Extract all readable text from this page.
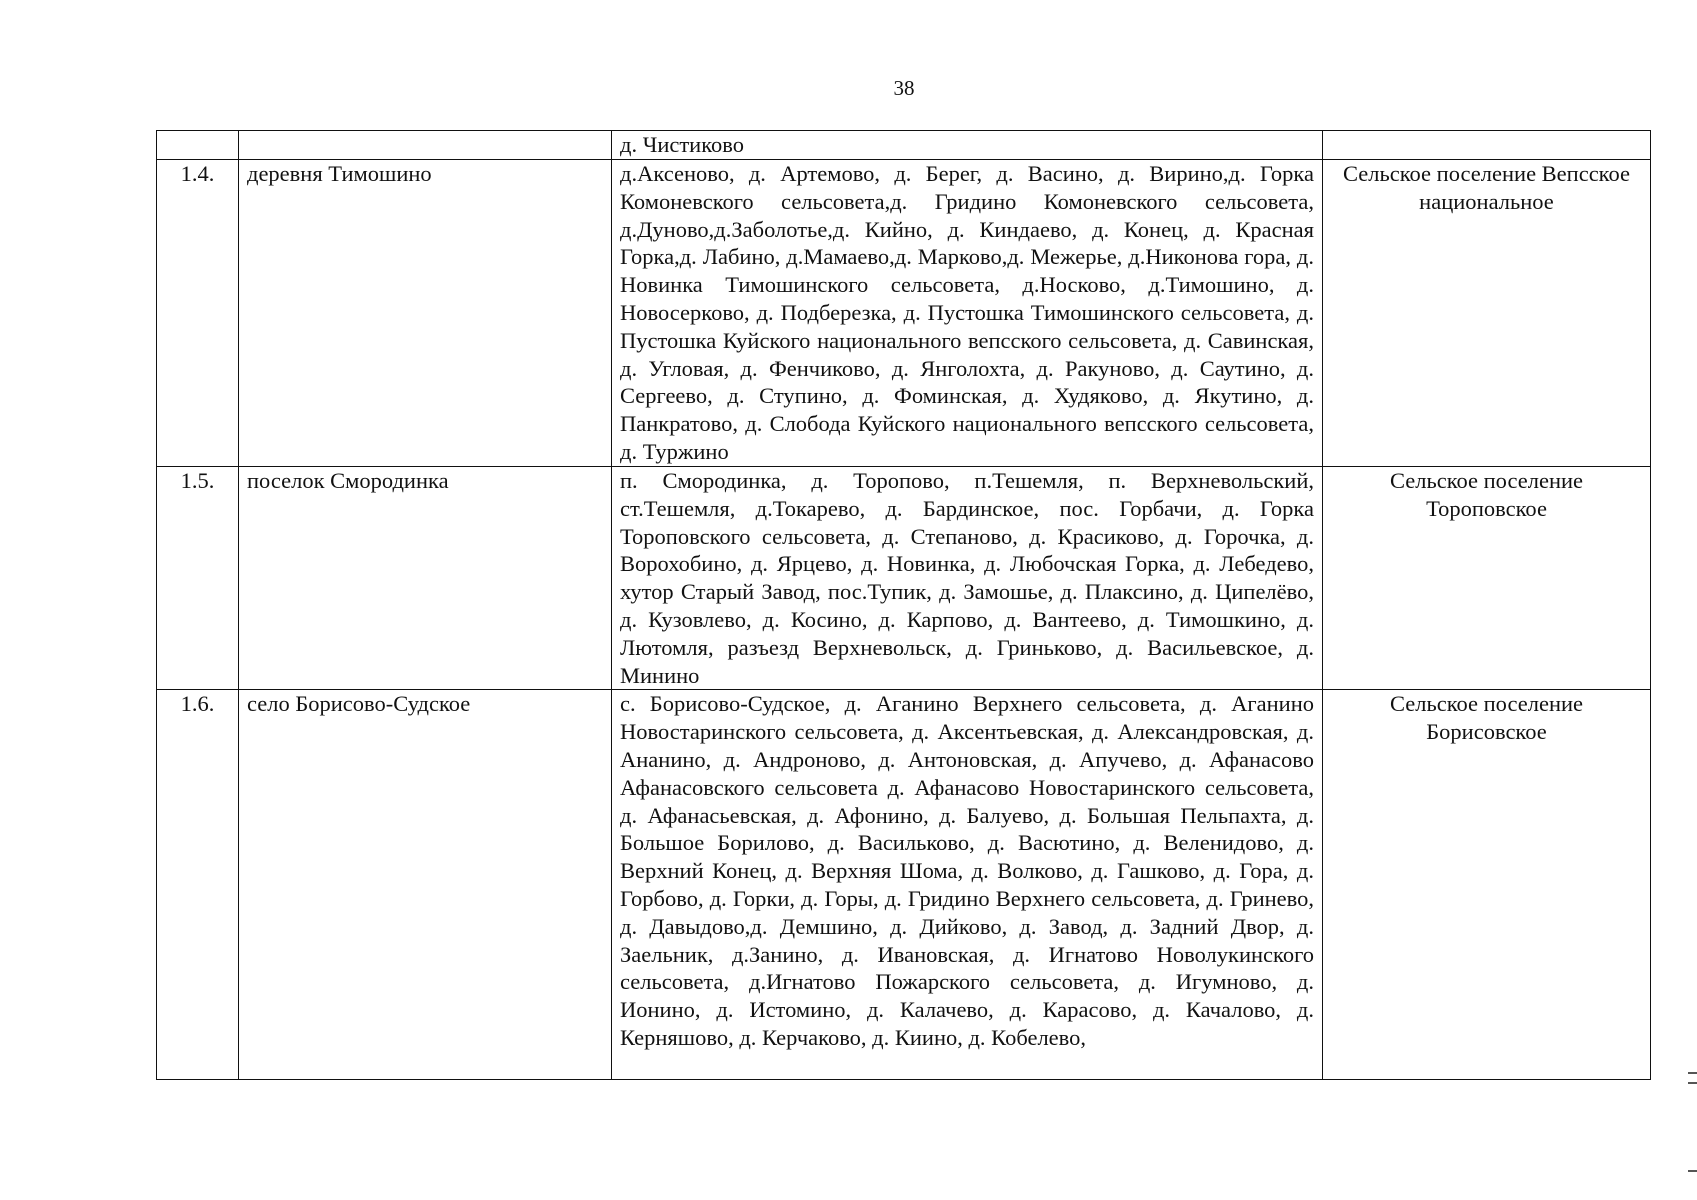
38
		д. Чистиково	
1.4.	деревня Тимошино	д.Аксеново, д. Артемово, д. Берег, д. Васино, д. Вирино,д. Горка Комоневского сельсовета,д. Гридино Комоневского сельсовета, д.Дуново,д.Заболотье,д. Кийно, д. Киндаево, д. Конец, д. Красная Горка,д. Лабино, д.Мамаево,д. Марково,д. Межерье, д.Никонова гора, д. Новинка Тимошинского сельсовета, д.Носково, д.Тимошино, д. Новосерково, д. Подберезка, д. Пустошка Тимошинского сельсовета, д. Пустошка Куйского национального вепсского сельсовета, д. Савинская, д. Угловая, д. Фенчиково, д. Янголохта, д. Ракуново, д. Саутино, д. Сергеево, д. Ступино, д. Фоминская, д. Худяково, д. Якутино, д. Панкратово, д. Слобода Куйского национального вепсского сельсовета, д. Туржино	Сельское поселение Вепсское национальное
1.5.	поселок Смородинка	п. Смородинка, д. Торопово, п.Тешемля, п. Верхневольский, ст.Тешемля, д.Токарево, д. Бардинское, пос. Горбачи, д. Горка Тороповского сельсовета, д. Степаново, д. Красиково, д. Горочка, д. Ворохобино, д. Ярцево, д. Новинка, д. Любочская Горка, д. Лебедево, хутор Старый Завод, пос.Тупик, д. Замошье, д. Плаксино, д. Ципелёво, д. Кузовлево, д. Косино, д. Карпово, д. Вантеево, д. Тимошкино, д. Лютомля, разъезд Верхневольск, д. Гриньково, д. Васильевское, д. Минино	Сельское поселение Тороповское
1.6.	село Борисово-Судское	с. Борисово-Судское, д. Аганино Верхнего сельсовета, д. Аганино Новостаринского сельсовета, д. Аксентьевская, д. Александровская, д. Ананино, д. Андроново, д. Антоновская, д. Апучево, д. Афанасово Афанасовского сельсовета д. Афанасово Новостаринского сельсовета, д. Афанасьевская, д. Афонино, д. Балуево, д. Большая Пельпахта, д. Большое Борилово, д. Васильково, д. Васютино, д. Веленидово, д. Верхний Конец, д. Верхняя Шома, д. Волково, д. Гашково, д. Гора, д. Горбово, д. Горки, д. Горы, д. Гридино Верхнего сельсовета, д. Гринево, д. Давыдово,д. Демшино, д. Дийково, д. Завод, д. Задний Двор, д. Заельник, д.Занино, д. Ивановская, д. Игнатово Новолукинского сельсовета, д.Игнатово Пожарского сельсовета, д. Игумново, д. Ионино, д. Истомино, д. Калачево, д. Карасово, д. Качалово, д. Керняшово, д. Керчаково, д. Киино, д. Кобелево,	Сельское поселение Борисовское
